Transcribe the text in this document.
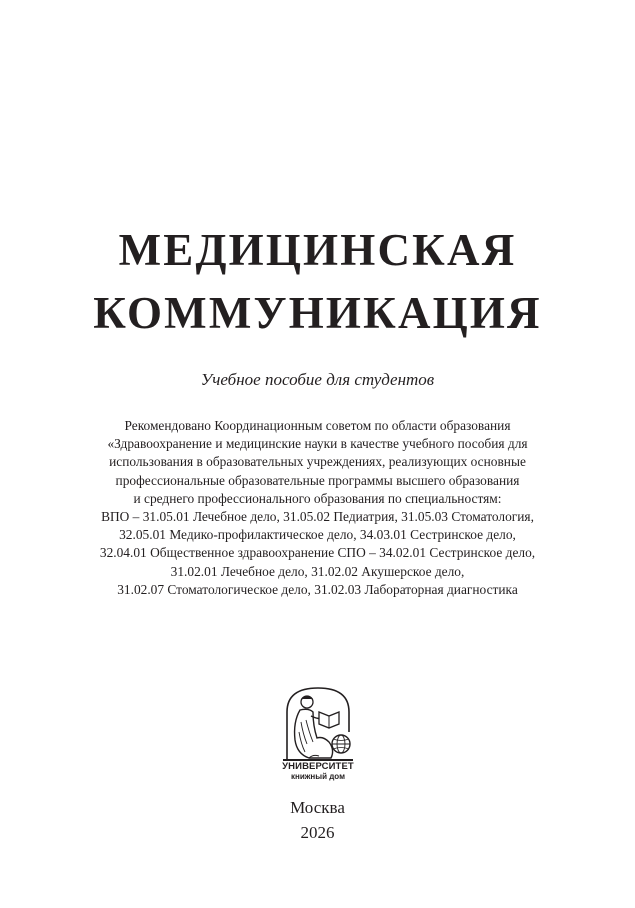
МЕДИЦИНСКАЯ
КОММУНИКАЦИЯ
Учебное пособие для студентов
Рекомендовано Координационным советом по области образования
«Здравоохранение и медицинские науки в качестве учебного пособия для
использования в образовательных учреждениях, реализующих основные
профессиональные образовательные программы высшего образования
и среднего профессионального образования по специальностям:
ВПО – 31.05.01 Лечебное дело, 31.05.02 Педиатрия, 31.05.03 Стоматология,
32.05.01 Медико-профилактическое дело, 34.03.01 Сестринское дело,
32.04.01 Общественное здравоохранение СПО – 34.02.01 Сестринское дело,
31.02.01 Лечебное дело, 31.02.02 Акушерское дело,
31.02.07 Стоматологическое дело, 31.02.03 Лабораторная диагностика
УНИВЕРСИТЕТ
книжный дом
Москва
2026
